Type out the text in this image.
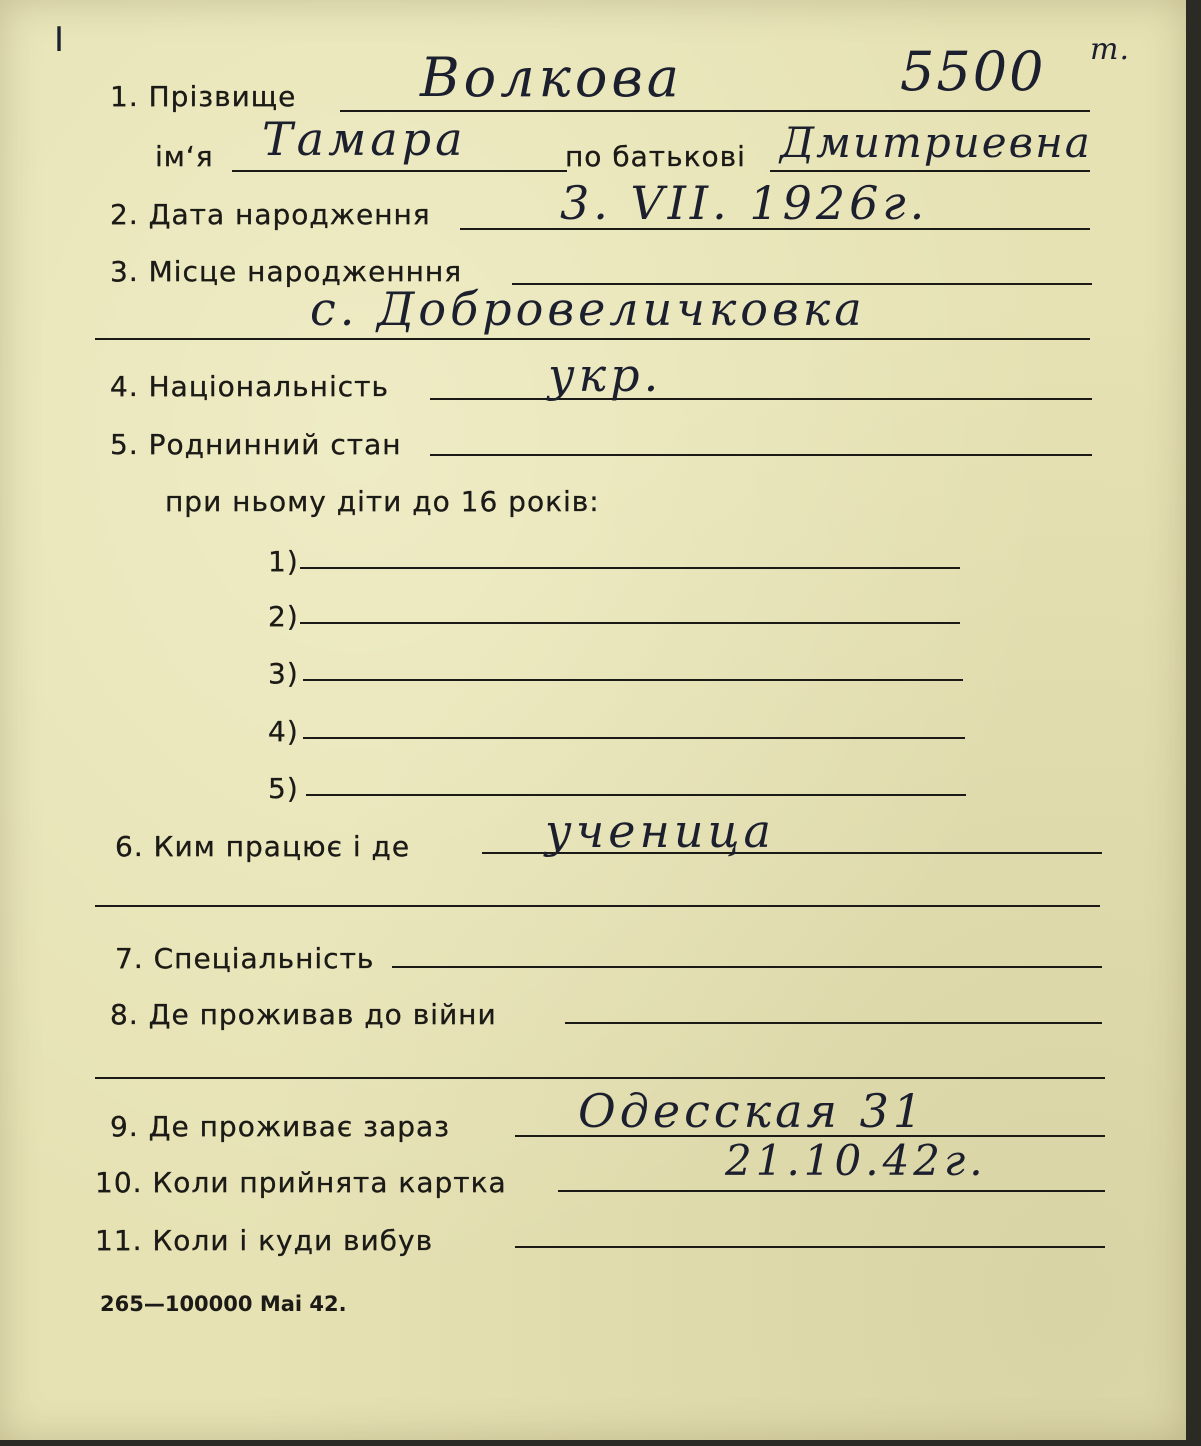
I
1. Прізвище Волкова	5500 т.
ім‘я Тамара	по батькові Дмитриевна
2. Дата народження	3. VII. 1926г.
3. Місце народженння
с. Добровеличковка
4. Національність	укр.
5. Роднинний стан
при ньому діти до 16 років:
1)
2)
3)
4)
5)
6. Ким працює і де	ученица
7. Спеціальність
8. Де проживав до війни
9. Де проживає зараз	Одесская 31
10. Коли прийнята картка	21.10.42г.
11. Коли і куди вибув
265—100000 Mai 42.
